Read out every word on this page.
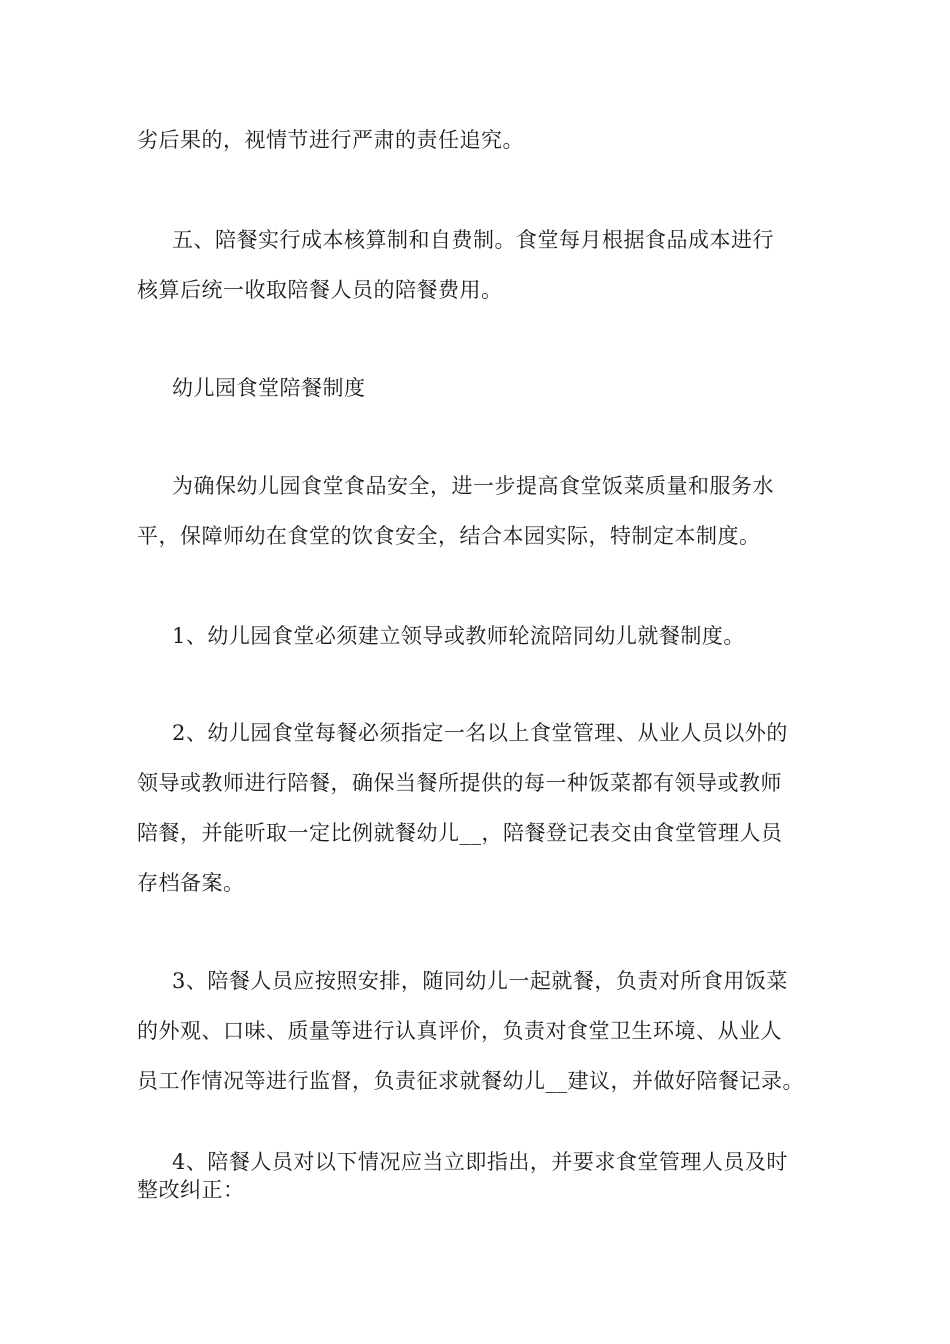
劣后果的，视情节进行严肃的责任追究。
五、陪餐实行成本核算制和自费制。食堂每月根据食品成本进行
核算后统一收取陪餐人员的陪餐费用。
幼儿园食堂陪餐制度
为确保幼儿园食堂食品安全，进一步提高食堂饭菜质量和服务水
平，保障师幼在食堂的饮食安全，结合本园实际，特制定本制度。
1、幼儿园食堂必须建立领导或教师轮流陪同幼儿就餐制度。
2、幼儿园食堂每餐必须指定一名以上食堂管理、从业人员以外的
领导或教师进行陪餐，确保当餐所提供的每一种饭菜都有领导或教师
陪餐，并能听取一定比例就餐幼儿__，陪餐登记表交由食堂管理人员
存档备案。
3、陪餐人员应按照安排，随同幼儿一起就餐，负责对所食用饭菜
的外观、口味、质量等进行认真评价，负责对食堂卫生环境、从业人
员工作情况等进行监督，负责征求就餐幼儿__建议，并做好陪餐记录。
4、陪餐人员对以下情况应当立即指出，并要求食堂管理人员及时
整改纠正：
